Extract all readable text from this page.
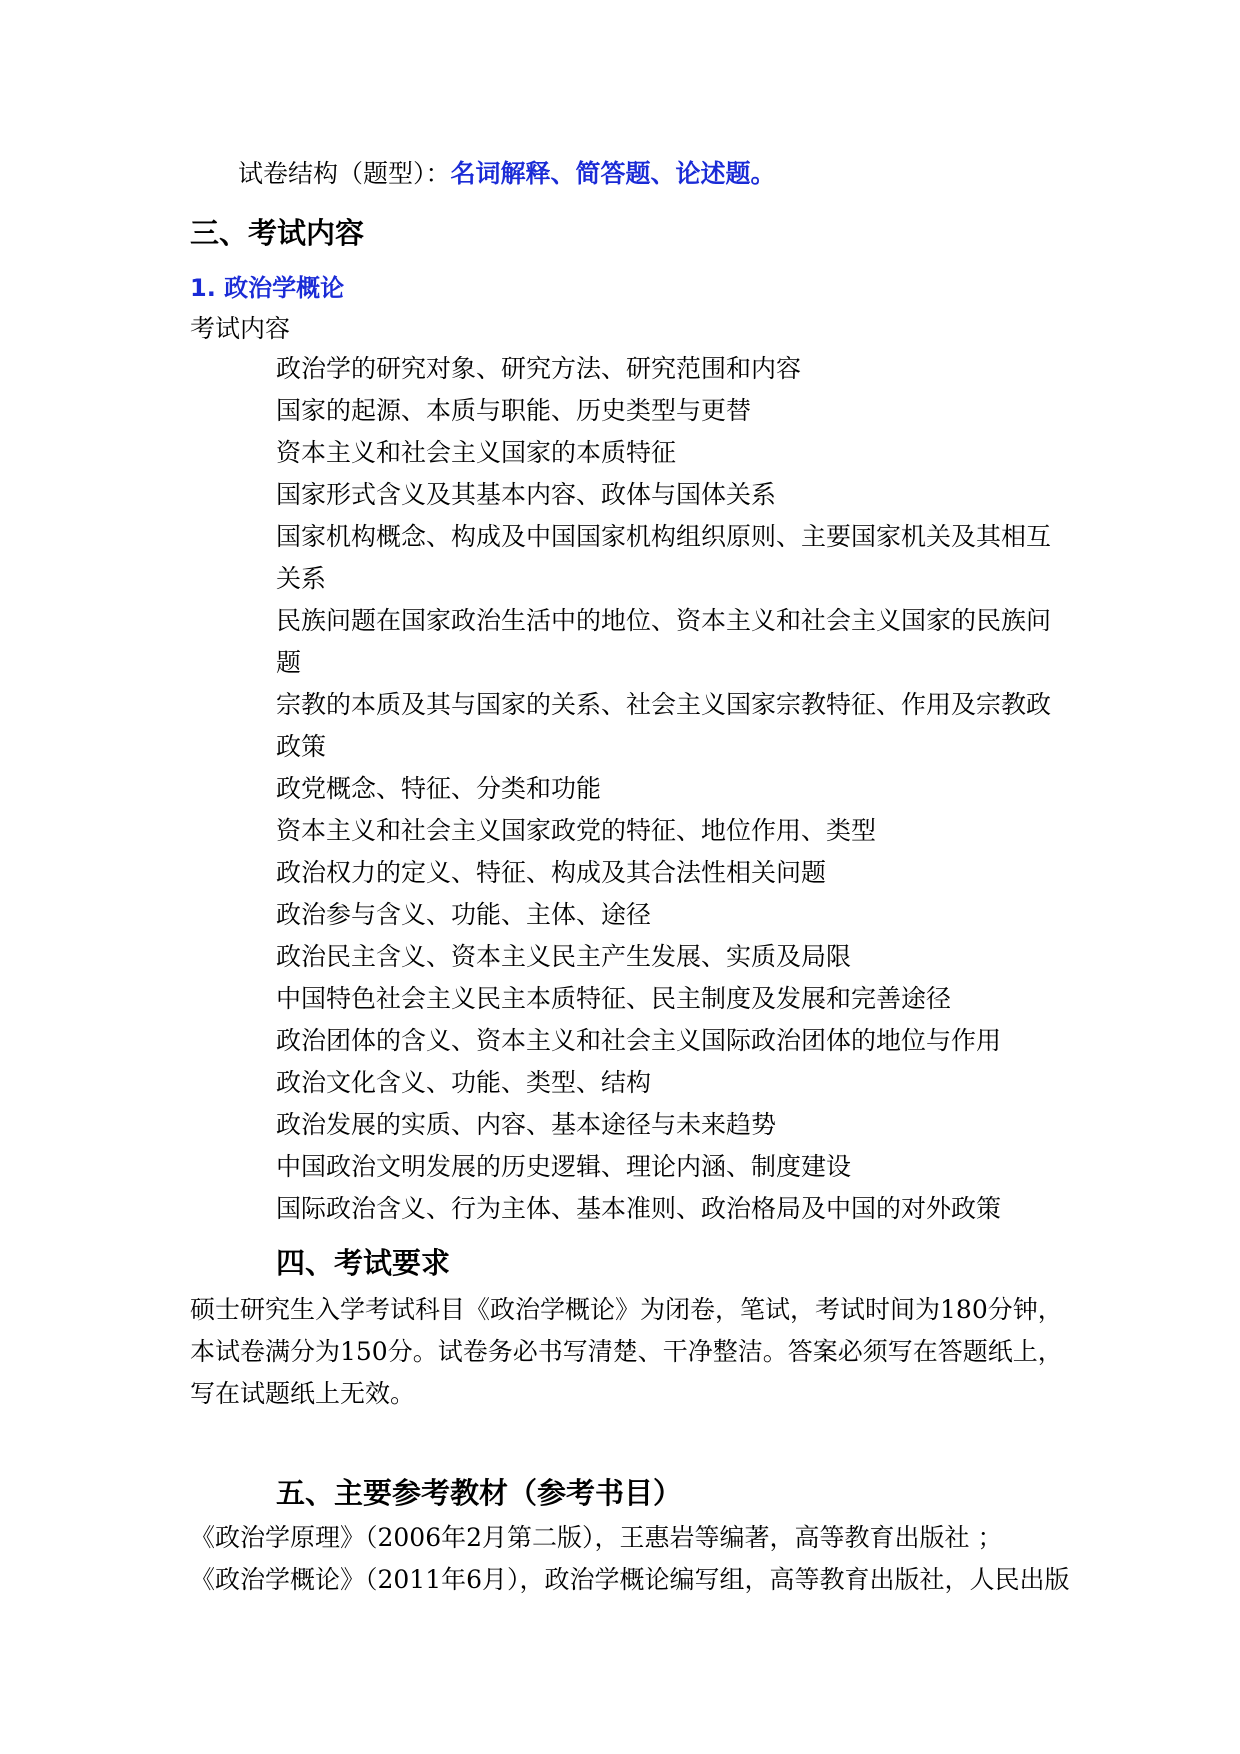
试卷结构（题型）：名词解释、简答题、论述题。
三、考试内容
1. 政治学概论
考试内容
政治学的研究对象、研究方法、研究范围和内容
国家的起源、本质与职能、历史类型与更替
资本主义和社会主义国家的本质特征
国家形式含义及其基本内容、政体与国体关系
国家机构概念、构成及中国国家机构组织原则、主要国家机关及其相互
关系
民族问题在国家政治生活中的地位、资本主义和社会主义国家的民族问
题
宗教的本质及其与国家的关系、社会主义国家宗教特征、作用及宗教政
政策
政党概念、特征、分类和功能
资本主义和社会主义国家政党的特征、地位作用、类型
政治权力的定义、特征、构成及其合法性相关问题
政治参与含义、功能、主体、途径
政治民主含义、资本主义民主产生发展、实质及局限
中国特色社会主义民主本质特征、民主制度及发展和完善途径
政治团体的含义、资本主义和社会主义国际政治团体的地位与作用
政治文化含义、功能、类型、结构
政治发展的实质、内容、基本途径与未来趋势
中国政治文明发展的历史逻辑、理论内涵、制度建设
国际政治含义、行为主体、基本准则、政治格局及中国的对外政策
四、考试要求
硕士研究生入学考试科目《政治学概论》为闭卷，笔试，考试时间为180分钟，
本试卷满分为150分。试卷务必书写清楚、干净整洁。答案必须写在答题纸上，
写在试题纸上无效。
五、主要参考教材（参考书目）
《政治学原理》（2006年2月第二版），王惠岩等编著，高等教育出版社 ；
《政治学概论》（2011年6月），政治学概论编写组，高等教育出版社，人民出版
